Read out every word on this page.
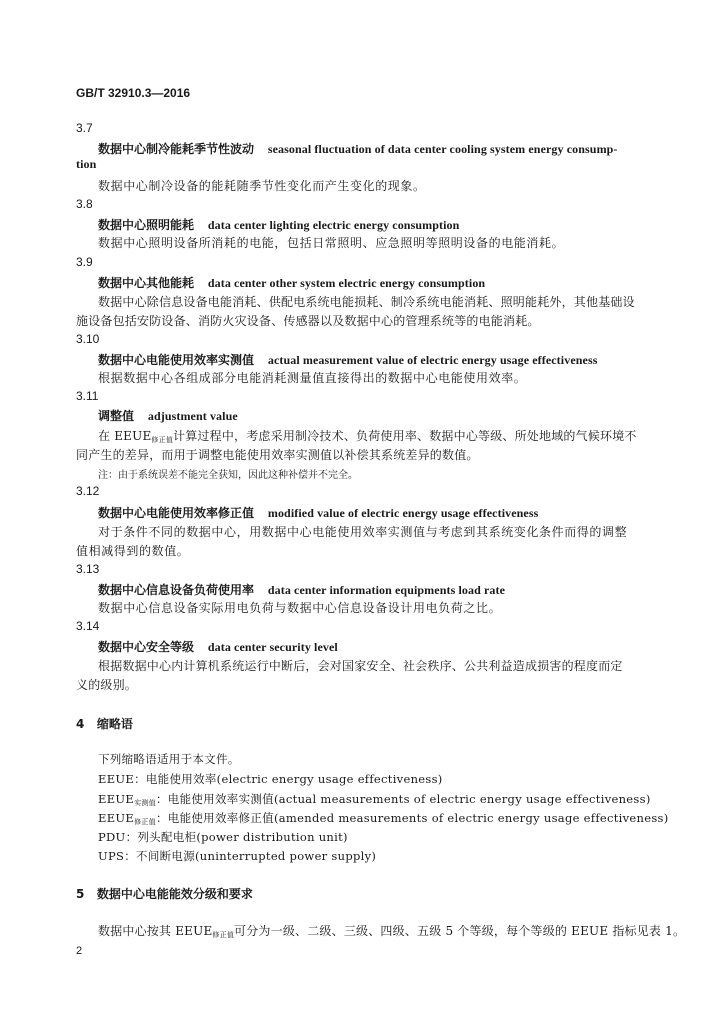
GB/T 32910.3—2016
3.7
数据中心制冷能耗季节性波动 seasonal fluctuation of data center cooling system energy consump-
tion
数据中心制冷设备的能耗随季节性变化而产生变化的现象。
3.8
数据中心照明能耗 data center lighting electric energy consumption
数据中心照明设备所消耗的电能，包括日常照明、应急照明等照明设备的电能消耗。
3.9
数据中心其他能耗 data center other system electric energy consumption
数据中心除信息设备电能消耗、供配电系统电能损耗、制冷系统电能消耗、照明能耗外，其他基础设
施设备包括安防设备、消防火灾设备、传感器以及数据中心的管理系统等的电能消耗。
3.10
数据中心电能使用效率实测值 actual measurement value of electric energy usage effectiveness
根据数据中心各组成部分电能消耗测量值直接得出的数据中心电能使用效率。
3.11
调整值 adjustment value
在 $EEUE_{修正值}$计算过程中，考虑采用制冷技术、负荷使用率、数据中心等级、所处地域的气候环境不
同产生的差异，而用于调整电能使用效率实测值以补偿其系统差异的数值。
注：由于系统误差不能完全获知，因此这种补偿并不完全。
3.12
数据中心电能使用效率修正值 modified value of electric energy usage effectiveness
对于条件不同的数据中心，用数据中心电能使用效率实测值与考虑到其系统变化条件而得的调整
值相减得到的数值。
3.13
数据中心信息设备负荷使用率 data center information equipments load rate
数据中心信息设备实际用电负荷与数据中心信息设备设计用电负荷之比。
3.14
数据中心安全等级 data center security level
根据数据中心内计算机系统运行中断后，会对国家安全、社会秩序、公共利益造成损害的程度而定
义的级别。
4   缩略语
下列缩略语适用于本文件。
EEUE：电能使用效率(electric energy usage effectiveness)
$EEUE_{实测值}$：电能使用效率实测值(actual measurements of electric energy usage effectiveness)
$EEUE_{修正值}$：电能使用效率修正值(amended measurements of electric energy usage effectiveness)
PDU：列头配电柜(power distribution unit)
UPS：不间断电源(uninterrupted power supply)
5   数据中心电能能效分级和要求
数据中心按其 $EEUE_{修正值}$可分为一级、二级、三级、四级、五级 5 个等级，每个等级的 EEUE 指标见表 1。
2
